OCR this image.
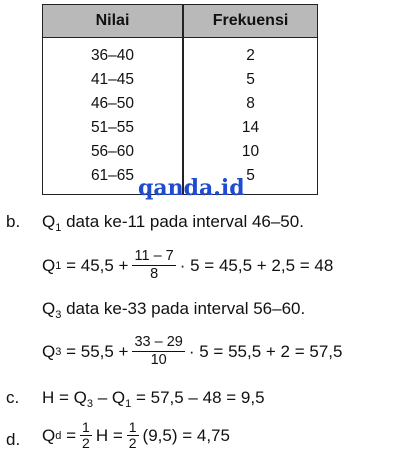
Nilai	Frekuensi
36–40	2
41–45	5
46–50	8
51–55	14
56–60	10
61–65	5
qanda.id
b. $Q_1$ data ke-11 pada interval 46–50.
Q $1 = 45,5 + \frac{11 - 7}{8} \cdot 5 = 45,5 + 2,5 = 48$
$Q_3$ data ke-33 pada interval 56–60.
Q $3 = 55,5 + \frac{33 - 29}{10} \cdot 5 = 55,5 + 2 = 57,5$
c. $H = Q_3 - Q_1 = 57,5 - 48 = 9,5$
d. Q $d = \frac{1}{2}$ $H = \frac{1}{2} (9,5) = 4,75$
